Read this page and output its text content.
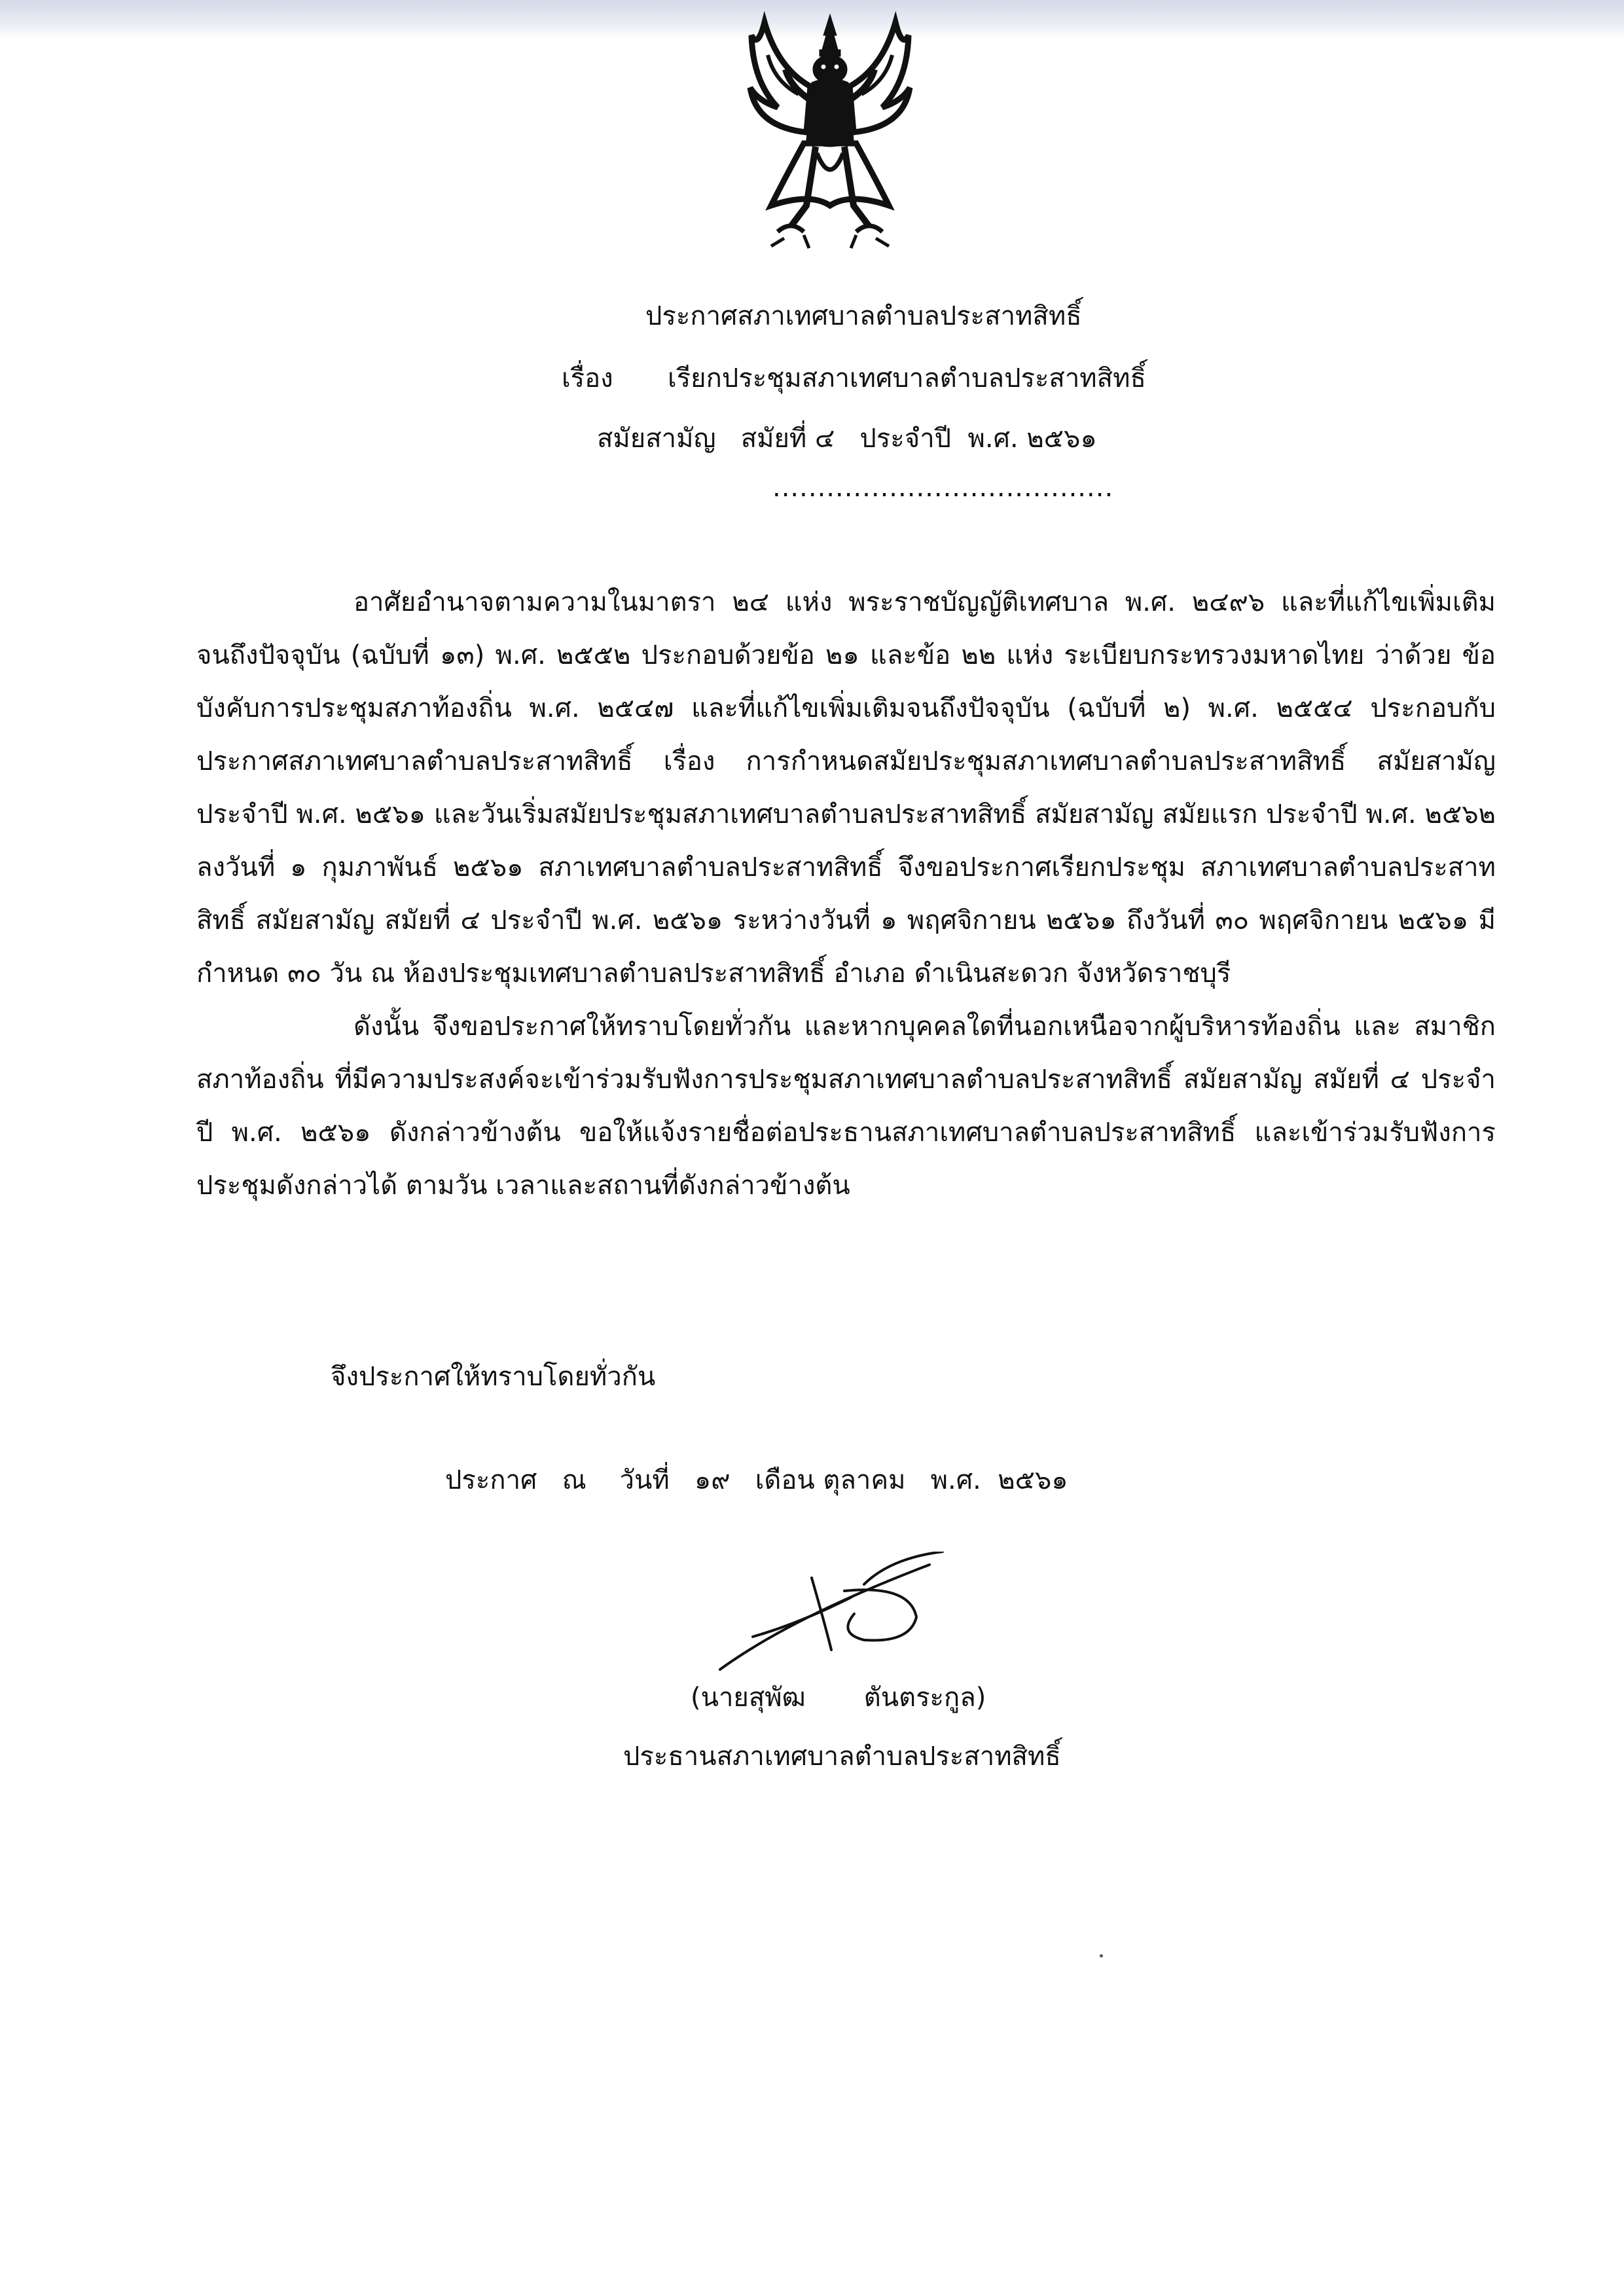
ประกาศสภาเทศบาลตำบลประสาทสิทธิ์
เรื่อง เรียกประชุมสภาเทศบาลตำบลประสาทสิทธิ์
สมัยสามัญ   สมัยที่ ๔   ประจำปี  พ.ศ. ๒๕๖๑
......................................

อาศัยอำนาจตามความในมาตรา ๒๔ แห่ง พระราชบัญญัติเทศบาล พ.ศ. ๒๔๙๖ และที่แก้ไขเพิ่มเติม จนถึงปัจจุบัน (ฉบับที่ ๑๓) พ.ศ. ๒๕๕๒ ประกอบด้วยข้อ ๒๑ และข้อ ๒๒ แห่ง ระเบียบกระทรวงมหาดไทย ว่าด้วย ข้อบังคับการประชุมสภาท้องถิ่น พ.ศ. ๒๕๔๗ และที่แก้ไขเพิ่มเติมจนถึงปัจจุบัน (ฉบับที่ ๒) พ.ศ. ๒๕๕๔ ประกอบกับประกาศสภาเทศบาลตำบลประสาทสิทธิ์ เรื่อง การกำหนดสมัยประชุมสภาเทศบาลตำบลประสาทสิทธิ์ สมัยสามัญ ประจำปี พ.ศ. ๒๕๖๑ และวันเริ่มสมัยประชุมสภาเทศบาลตำบลประสาทสิทธิ์ สมัยสามัญ สมัยแรก ประจำปี พ.ศ. ๒๕๖๒ ลงวันที่ ๑ กุมภาพันธ์ ๒๕๖๑ สภาเทศบาลตำบลประสาทสิทธิ์ จึงขอประกาศเรียกประชุม สภาเทศบาลตำบลประสาทสิทธิ์ สมัยสามัญ สมัยที่ ๔ ประจำปี พ.ศ. ๒๕๖๑ ระหว่างวันที่ ๑ พฤศจิกายน ๒๕๖๑ ถึงวันที่ ๓๐ พฤศจิกายน ๒๕๖๑ มีกำหนด ๓๐ วัน ณ ห้องประชุมเทศบาลตำบลประสาทสิทธิ์ อำเภอ ดำเนินสะดวก จังหวัดราชบุรี

ดังนั้น จึงขอประกาศให้ทราบโดยทั่วกัน และหากบุคคลใดที่นอกเหนือจากผู้บริหารท้องถิ่น และ สมาชิกสภาท้องถิ่น ที่มีความประสงค์จะเข้าร่วมรับฟังการประชุมสภาเทศบาลตำบลประสาทสิทธิ์ สมัยสามัญ สมัยที่ ๔ ประจำปี พ.ศ. ๒๕๖๑ ดังกล่าวข้างต้น ขอให้แจ้งรายชื่อต่อประธานสภาเทศบาลตำบลประสาทสิทธิ์ และเข้าร่วมรับฟังการประชุมดังกล่าวได้ ตามวัน เวลาและสถานที่ดังกล่าวข้างต้น

จึงประกาศให้ทราบโดยทั่วกัน
ประกาศ   ณ    วันที่   ๑๙   เดือน ตุลาคม   พ.ศ.  ๒๕๖๑
(นายสุพัฒ       ตันตระกูล)
ประธานสภาเทศบาลตำบลประสาทสิทธิ์
